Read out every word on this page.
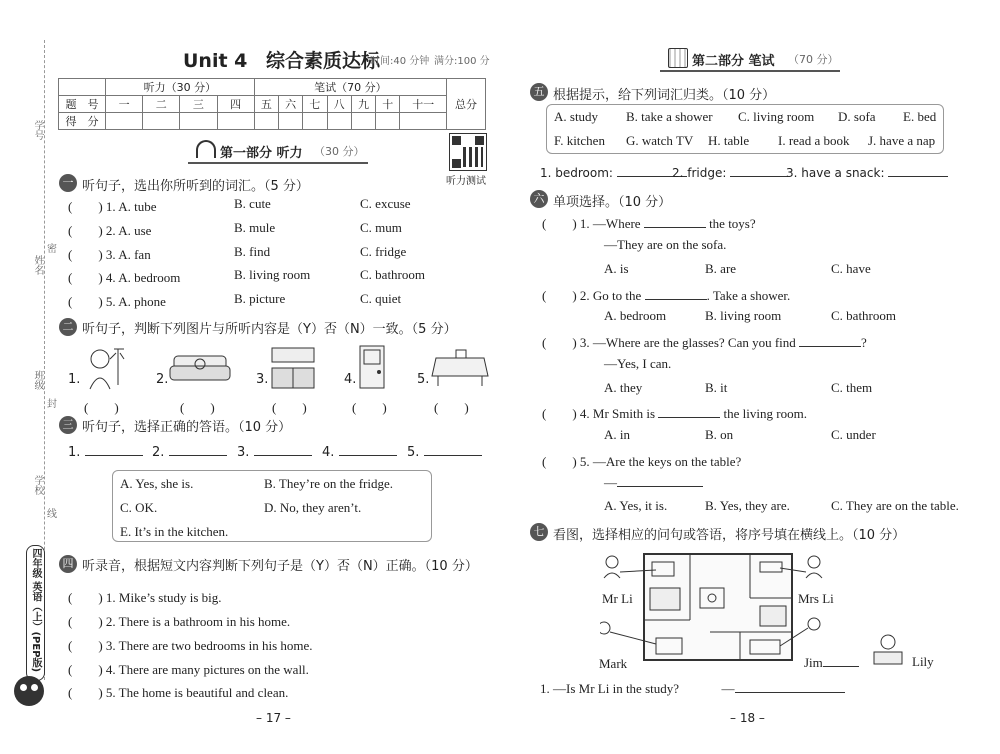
学号
姓名
班级
学校
密
封
线
四年级 英语（上）(PEP版)
Unit 4 综合素质达标
时间:40 分钟 满分:100 分
	听力（30 分）				笔试（70 分）							总分
题　号	一	二	三	四	五	六	七	八	九	十	十一	
得　分												
听力测试
第一部分 听力 （30 分）
一 听句子，选出你所听到的词汇。（5 分）
(　　) 1. A. tube	B. cute	C. excuse
(　　) 2. A. use	B. mule	C. mum
(　　) 3. A. fan	B. find	C. fridge
(　　) 4. A. bedroom	B. living room	C. bathroom
(　　) 5. A. phone	B. picture	C. quiet
二 听句子，判断下列图片与所听内容是（Y）否（N）一致。（5 分）
1.	2.	3.	4.	5.
(　　)	(　　)	(　　)	(　　)	(　　)
三 听句子，选择正确的答语。（10 分）
1.	2.	3.	4.	5.
A. Yes, she is.	B. They’re on the fridge.
C. OK.	D. No, they aren’t.
E. It’s in the kitchen.
四 听录音，根据短文内容判断下列句子是（Y）否（N）正确。（10 分）
(　　) 1. Mike’s study is big.
(　　) 2. There is a bathroom in his home.
(　　) 3. There are two bedrooms in his home.
(　　) 4. There are many pictures on the wall.
(　　) 5. The home is beautiful and clean.
– 17 –
第二部分 笔试 （70 分）
五 根据提示，给下列词汇归类。（10 分）
A. study B. take a shower C. living room D. sofa E. bed
F. kitchen G. watch TV H. table I. read a book J. have a nap
1. bedroom:	2. fridge:	3. have a snack:
六 单项选择。（10 分）
(　　) 1. —Where	the toys?
—They are on the sofa.
A. is	B. are	C. have
(　　) 2. Go to the	. Take a shower.
A. bedroom	B. living room	C. bathroom
(　　) 3. —Where are the glasses? Can you find	?
—Yes, I can.
A. they	B. it	C. them
(　　) 4. Mr Smith is	the living room.
A. in	B. on	C. under
(　　) 5. —Are the keys on the table?
—
A. Yes, it is.	B. Yes, they are.	C. They are on the table.
七 看图，选择相应的问句或答语，将序号填在横线上。（10 分）
Mr Li	Mrs Li
Mark	Jim	Lily
1. —Is Mr Li in the study?	—
– 18 –
